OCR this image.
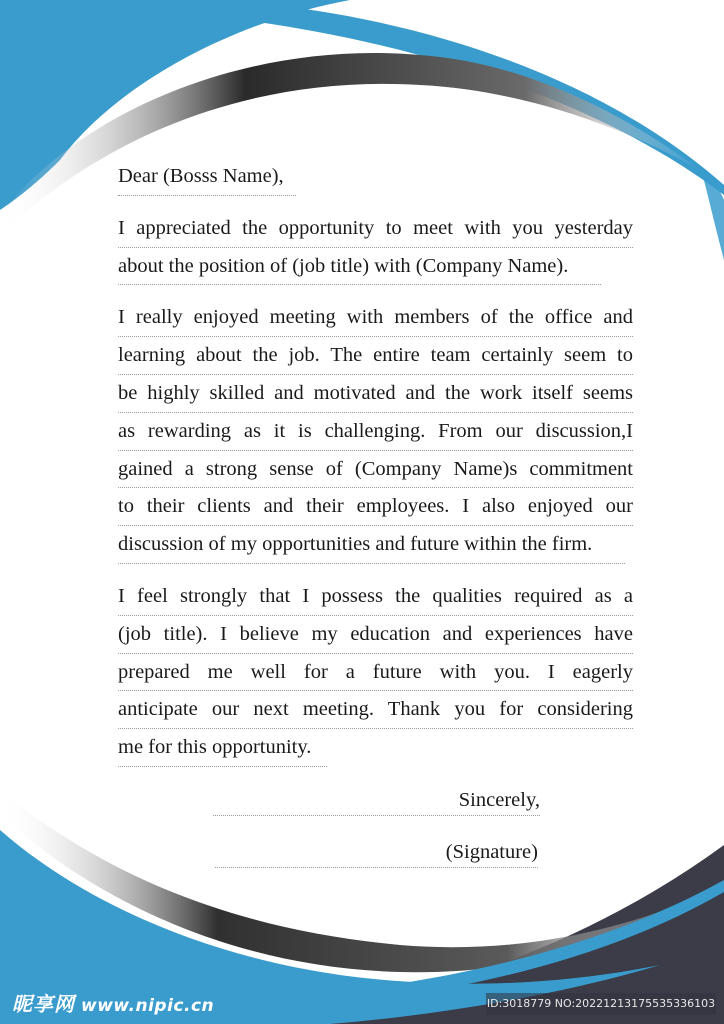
Dear (Bosss Name),
I appreciated the opportunity to meet with you yesterday
about the position of (job title) with (Company Name).
I really enjoyed meeting with members of the office and
learning about the job. The entire team certainly seem to
be highly skilled and motivated and the work itself seems
as rewarding as it is challenging. From our discussion,I
gained a strong sense of (Company Name)s commitment
to their clients and their employees. I also enjoyed our
discussion of my opportunities and future within the firm.
I feel strongly that I possess the qualities required as a
(job title). I believe my education and experiences have
prepared me well for a future with you. I eagerly
anticipate our next meeting. Thank you for considering
me for this opportunity.
Sincerely,
(Signature)
昵享网 www.nipic.cn	ID:3018779 NO:20221213175535336103
